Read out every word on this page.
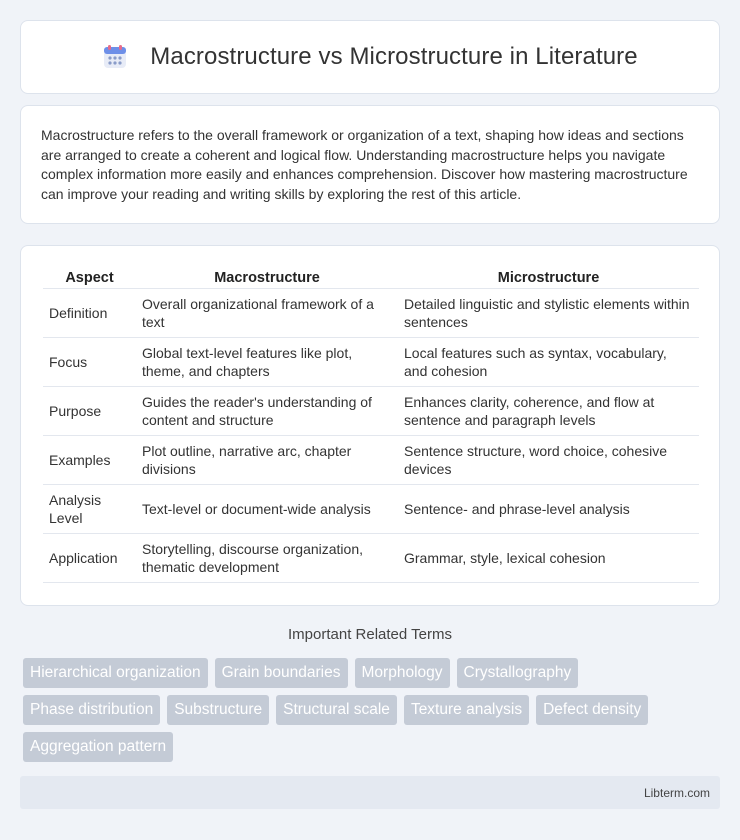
Macrostructure vs Microstructure in Literature

Macrostructure refers to the overall framework or organization of a text, shaping how ideas and sections are arranged to create a coherent and logical flow. Understanding macrostructure helps you navigate complex information more easily and enhances comprehension. Discover how mastering macrostructure can improve your reading and writing skills by exploring the rest of this article.

Aspect	Macrostructure	Microstructure
Definition	Overall organizational framework of a text	Detailed linguistic and stylistic elements within sentences
Focus	Global text-level features like plot, theme, and chapters	Local features such as syntax, vocabulary, and cohesion
Purpose	Guides the reader's understanding of content and structure	Enhances clarity, coherence, and flow at sentence and paragraph levels
Examples	Plot outline, narrative arc, chapter divisions	Sentence structure, word choice, cohesive devices
Analysis Level	Text-level or document-wide analysis	Sentence- and phrase-level analysis
Application	Storytelling, discourse organization, thematic development	Grammar, style, lexical cohesion
Important Related Terms
Hierarchical organization	Grain boundaries	Morphology	Crystallography
Phase distribution	Substructure	Structural scale	Texture analysis	Defect density
Aggregation pattern
Libterm.com
